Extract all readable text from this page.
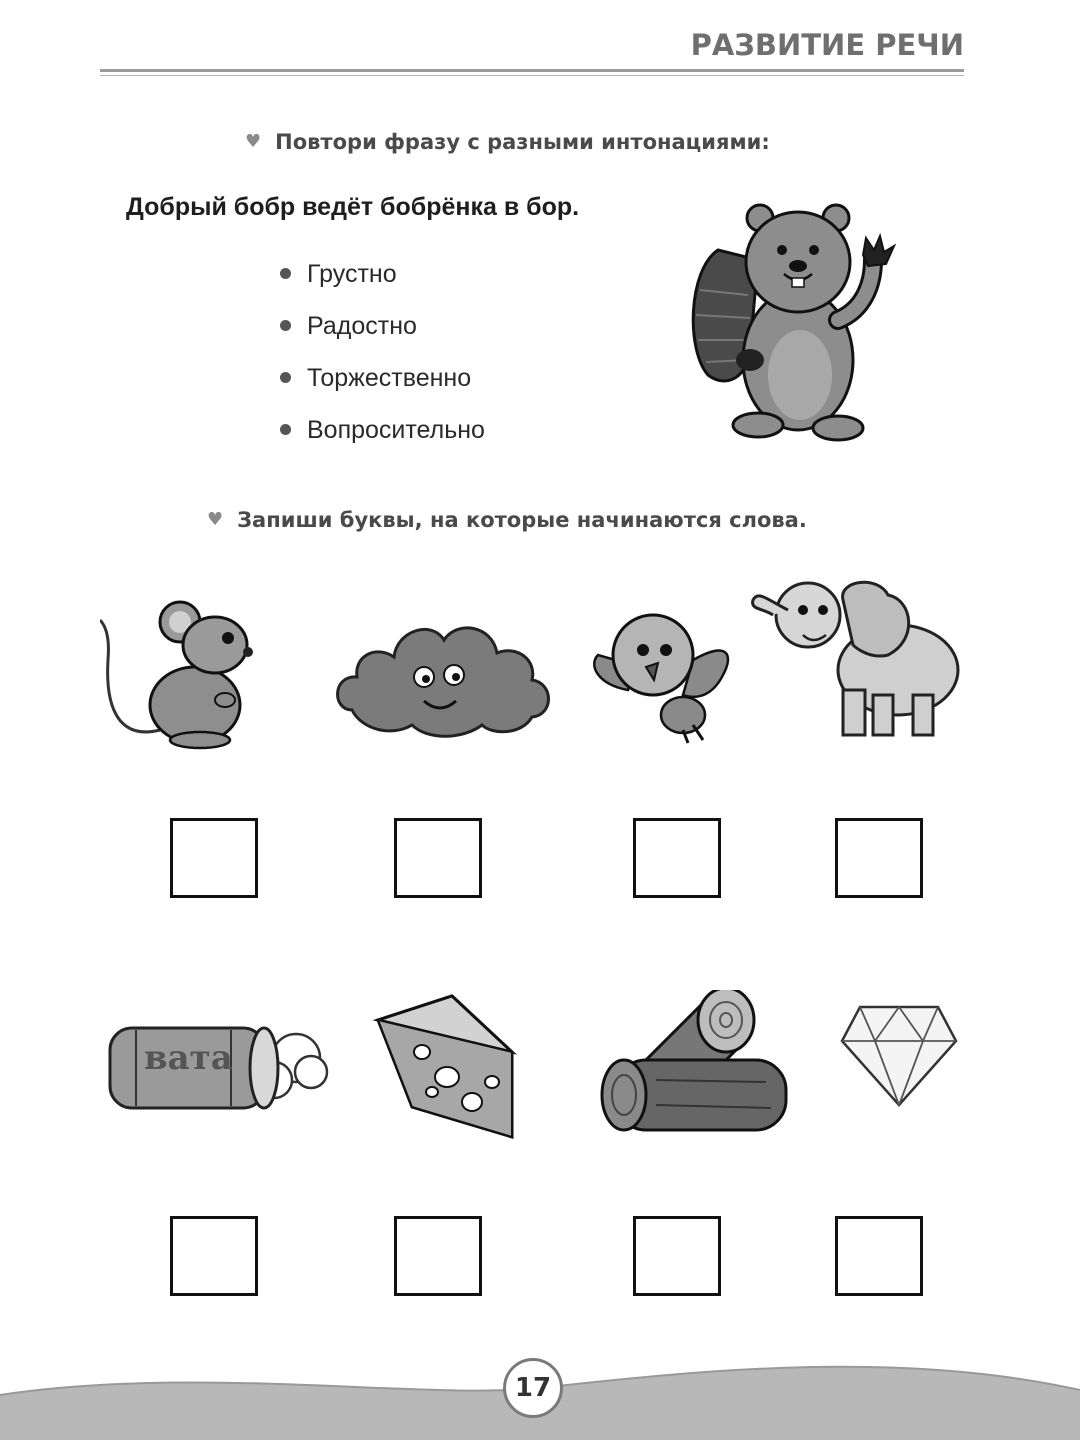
РАЗВИТИЕ РЕЧИ
♥ Повтори фразу с разными интонациями:
Добрый бобр ведёт бобрёнка в бор.
Грустно
Радостно
Торжественно
Вопросительно
♥ Запиши буквы, на которые начинаются слова.
вата
17
